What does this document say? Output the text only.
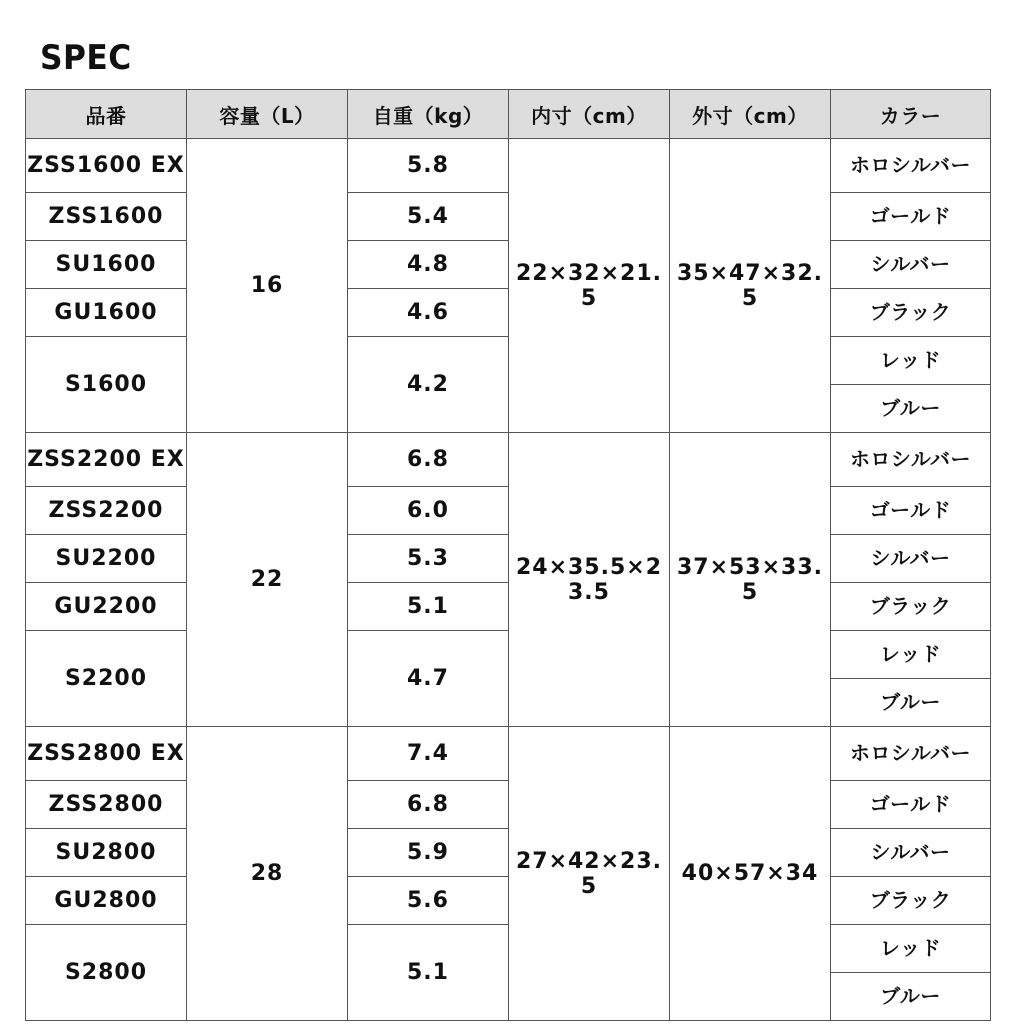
SPEC
品番	容量（L）	自重（kg）	内寸（cm）	外寸（cm）	カラー
ZSS1600 EX	16	5.8	22×32×21.5	35×47×32.5	ホロシルバー
ZSS1600		5.4			ゴールド
SU1600		4.8			シルバー
GU1600		4.6			ブラック
S1600		4.2			レッド
					ブルー
ZSS2200 EX	22	6.8	24×35.5×23.5	37×53×33.5	ホロシルバー
ZSS2200		6.0			ゴールド
SU2200		5.3			シルバー
GU2200		5.1			ブラック
S2200		4.7			レッド
					ブルー
ZSS2800 EX	28	7.4	27×42×23.5	40×57×34	ホロシルバー
ZSS2800		6.8			ゴールド
SU2800		5.9			シルバー
GU2800		5.6			ブラック
S2800		5.1			レッド
					ブルー
